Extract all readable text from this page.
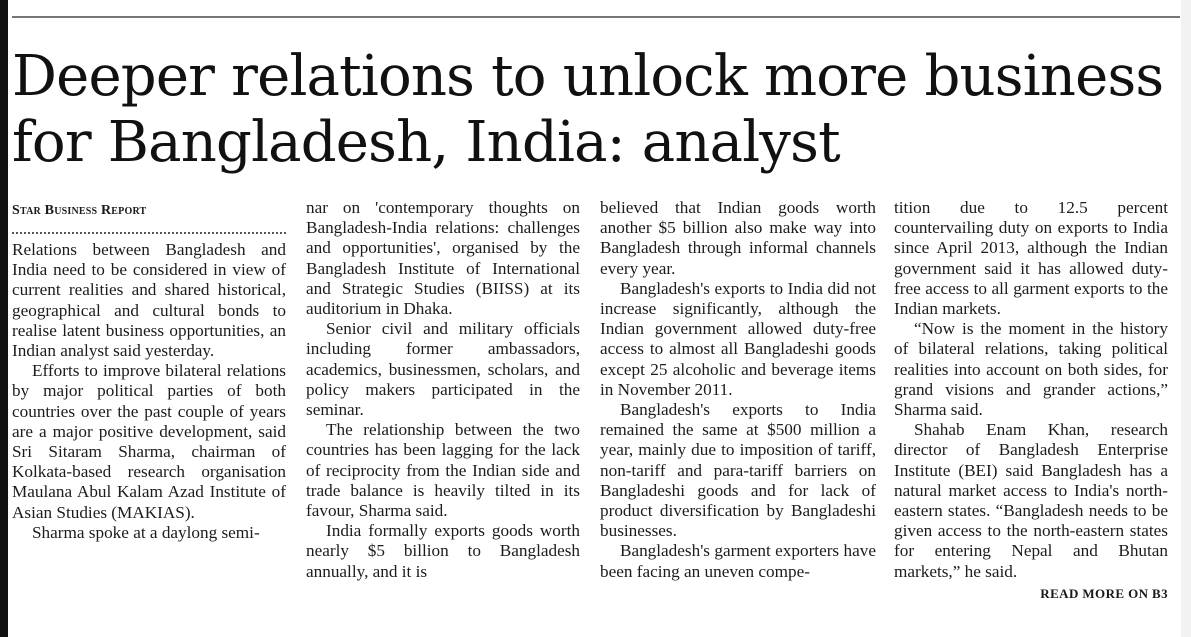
Deeper relations to unlock more business
for Bangladesh, India: analyst

Star Business Report

Relations between Bangladesh and India need to be considered in view of current realities and shared historical, geographical and cultural bonds to realise latent business opportunities, an Indian analyst said yesterday.

Efforts to improve bilateral relations by major political parties of both countries over the past couple of years are a major positive development, said Sri Sitaram Sharma, chairman of Kolkata-based research organisation Maulana Abul Kalam Azad Institute of Asian Studies (MAKIAS).

Sharma spoke at a daylong semi-

nar on 'contemporary thoughts on Bangladesh-India relations: challenges and opportunities', organised by the Bangladesh Institute of International and Strategic Studies (BIISS) at its auditorium in Dhaka.

Senior civil and military officials including former ambassadors, academics, businessmen, scholars, and policy makers participated in the seminar.

The relationship between the two countries has been lagging for the lack of reciprocity from the Indian side and trade balance is heavily tilted in its favour, Sharma said.

India formally exports goods worth nearly $5 billion to Bangladesh annually, and it is

believed that Indian goods worth another $5 billion also make way into Bangladesh through informal channels every year.

Bangladesh's exports to India did not increase significantly, although the Indian government allowed duty-free access to almost all Bangladeshi goods except 25 alcoholic and beverage items in November 2011.

Bangladesh's exports to India remained the same at $500 million a year, mainly due to imposition of tariff, non-tariff and para-tariff barriers on Bangladeshi goods and for lack of product diversification by Bangladeshi businesses.

Bangladesh's garment exporters have been facing an uneven compe-

tition due to 12.5 percent countervailing duty on exports to India since April 2013, although the Indian government said it has allowed duty-free access to all garment exports to the Indian markets.

“Now is the moment in the history of bilateral relations, taking political realities into account on both sides, for grand visions and grander actions,” Sharma said.

Shahab Enam Khan, research director of Bangladesh Enterprise Institute (BEI) said Bangladesh has a natural market access to India's north-eastern states. “Bangladesh needs to be given access to the north-eastern states for entering Nepal and Bhutan markets,” he said.

READ MORE ON B3
